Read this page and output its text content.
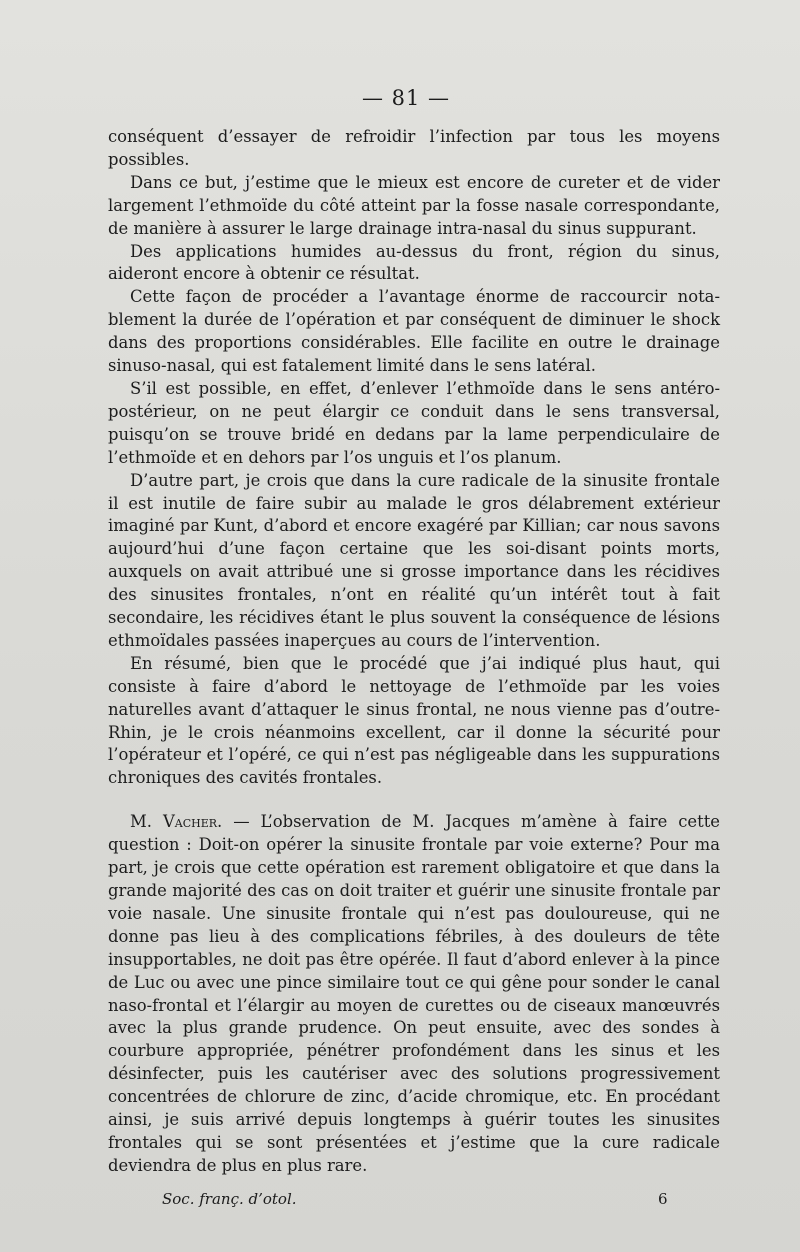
— 81 —

conséquent d’essayer de refroidir l’infection par tous les moyens possibles.

Dans ce but, j’estime que le mieux est encore de cureter et de vider largement l’ethmoïde du côté atteint par la fosse nasale correspondante, de manière à assurer le large drainage intra-nasal du sinus suppurant.

Des applications humides au-dessus du front, région du sinus, aideront encore à obtenir ce résultat.

Cette façon de procéder a l’avantage énorme de raccourcir notablement la durée de l’opération et par conséquent de diminuer le shock dans des proportions considérables. Elle facilite en outre le drainage sinuso-nasal, qui est fatalement limité dans le sens latéral.

S’il est possible, en effet, d’enlever l’ethmoïde dans le sens antéro-postérieur, on ne peut élargir ce conduit dans le sens transversal, puisqu’on se trouve bridé en dedans par la lame perpendiculaire de l’ethmoïde et en dehors par l’os unguis et l’os planum.

D’autre part, je crois que dans la cure radicale de la sinusite frontale il est inutile de faire subir au malade le gros délabrement extérieur imaginé par Kunt, d’abord et encore exagéré par Killian; car nous savons aujourd’hui d’une façon certaine que les soi-disant points morts, auxquels on avait attribué une si grosse importance dans les récidives des sinusites frontales, n’ont en réalité qu’un intérêt tout à fait secondaire, les récidives étant le plus souvent la conséquence de lésions ethmoïdales passées inaperçues au cours de l’intervention.

En résumé, bien que le procédé que j’ai indiqué plus haut, qui consiste à faire d’abord le nettoyage de l’ethmoïde par les voies naturelles avant d’attaquer le sinus frontal, ne nous vienne pas d’outre-Rhin, je le crois néanmoins excellent, car il donne la sécurité pour l’opérateur et l’opéré, ce qui n’est pas négligeable dans les suppurations chroniques des cavités frontales.

M. Vacher. — L’observation de M. Jacques m’amène à faire cette question : Doit-on opérer la sinusite frontale par voie externe? Pour ma part, je crois que cette opération est rarement obligatoire et que dans la grande majorité des cas on doit traiter et guérir une sinusite frontale par voie nasale. Une sinusite frontale qui n’est pas douloureuse, qui ne donne pas lieu à des complications fébriles, à des douleurs de tête insupportables, ne doit pas être opérée. Il faut d’abord enlever à la pince de Luc ou avec une pince similaire tout ce qui gêne pour sonder le canal naso-frontal et l’élargir au moyen de curettes ou de ciseaux manœuvrés avec la plus grande prudence. On peut ensuite, avec des sondes à courbure appropriée, pénétrer profondément dans les sinus et les désinfecter, puis les cautériser avec des solutions progressivement concentrées de chlorure de zinc, d’acide chromique, etc. En procédant ainsi, je suis arrivé depuis longtemps à guérir toutes les sinusites frontales qui se sont présentées et j’estime que la cure radicale deviendra de plus en plus rare.

Soc. franç. d’otol.	6
